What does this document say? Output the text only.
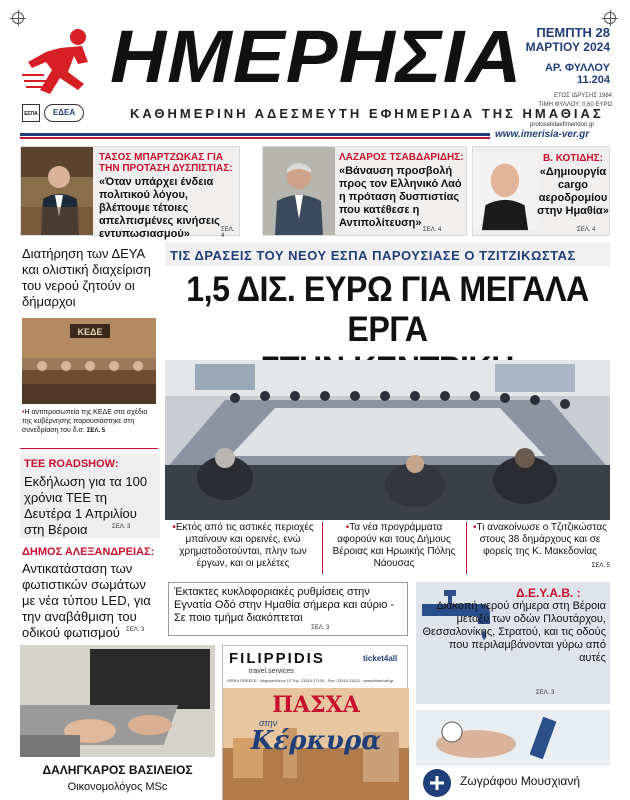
ΗΜΕΡΗΣΙΑ	ΠΕΜΠΤΗ 28
ΜΑΡΤΙΟΥ 2024
ΑΡ. ΦΥΛΛΟΥ 11.204
ΕΤΟΣ ΙΔΡΥΣΗΣ 1984
ΤΙΜΗ ΦΥΛΛΟΥ: 0,60 ΕΥΡΩ
ΕΣΠΑ	ΕΔΕΑ	ΚΑΘΗΜΕΡΙΝΗ ΑΔΕΣΜΕΥΤΗ ΕΦΗΜΕΡΙΔΑ ΤΗΣ ΗΜΑΘΙΑΣ
protoselidaefimeridon.gr
www.imerisia-ver.gr
ΤΑΣΟΣ ΜΠΑΡΤΖΩΚΑΣ ΓΙΑ ΤΗΝ ΠΡΟΤΑΣΗ ΔΥΣΠΙΣΤΙΑΣ:
«Όταν υπάρχει ένδεια πολιτικού λόγου, βλέπουμε τέτοιες απελπισμένες κινήσεις εντυπωσιασμού»	ΣΕΛ. 4
ΛΑΖΑΡΟΣ ΤΣΑΒΔΑΡΙΔΗΣ:
«Βάναυση προσβολή προς τον Ελληνικό Λαό η πρόταση δυσπιστίας που κατέθεσε η Αντιπολίτευση»
ΣΕΛ. 4
Β. ΚΟΤΙΔΗΣ:
«Δημιουργία cargo αεροδρομίου στην Ημαθία»
ΣΕΛ. 4
Διατήρηση των ΔΕΥΑ και ολιστική διαχείριση του νερού ζητούν οι δήμαρχοι
ΚΕΔΕ
•Η αντιπροσωπεία της ΚΕΔΕ στα σχέδια της κυβέρνησης παρουσιάστηκε στη συνεδρίαση του δ.σ. ΣΕΛ. 5
ΤΕΕ ROADSHOW:
Εκδήλωση για τα 100 χρόνια ΤΕΕ τη Δευτέρα 1 Απριλίου στη Βέροια	ΣΕΛ. 3
ΔΗΜΟΣ ΑΛΕΞΑΝΔΡΕΙΑΣ:
Αντικατάσταση των φωτιστικών σωμάτων με νέα τύπου LED, για την αναβάθμιση του οδικού φωτισμού	ΣΕΛ. 3
ΤΙΣ ΔΡΑΣΕΙΣ ΤΟΥ ΝΕΟΥ ΕΣΠΑ ΠΑΡΟΥΣΙΑΣΕ Ο ΤΖΙΤΖΙΚΩΣΤΑΣ
1,5 ΔΙΣ. ΕΥΡΩ ΓΙΑ ΜΕΓΑΛΑ ΕΡΓΑ
•Εκτός από τις αστικές περιοχές μπαίνουν και ορεινές, ενώ χρηματοδοτούνται, πλην των έργων, και οι μελέτες
•Τα νέα προγράμματα αφορούν και τους Δήμους Βέροιας και Ηρωικής Πόλης Νάουσας
•Τι ανακοίνωσε ο Τζιτζικώστας στους 38 δημάρχους και σε φορείς της Κ. Μακεδονίας
ΣΕΛ. 5
Έκτακτες κυκλοφοριακές ρυθμίσεις στην Εγνατία Οδό στην Ημαθία σήμερα και αύριο - Σε ποιο τμήμα διακόπτεται
ΣΕΛ. 3
Δ.Ε.Υ.Α.Β. :
Διακοπή νερού σήμερα στη Βέροια μεταξύ των οδών Πλουτάρχου, Θεσσαλονίκης, Στρατού, και τις οδούς που περιλαμβάνονται γύρω από αυτές
ΣΕΛ. 3
ΔΑΛΗΓΚΑΡΟΣ ΒΑΣΙΛΕΙΟΣ
Οικονομολόγος MSc
FILIPPIDIS
travel.services
ticket4all
VERIA GREECE - Μητροπόλεως 12 Τηλ: 23310 27120 - Fax: 23310 23122 - www.ticket4all.gr
ΠΑΣΧΑ
στην
Κέρκυρα
Ζωγράφου Μουσχιανή
